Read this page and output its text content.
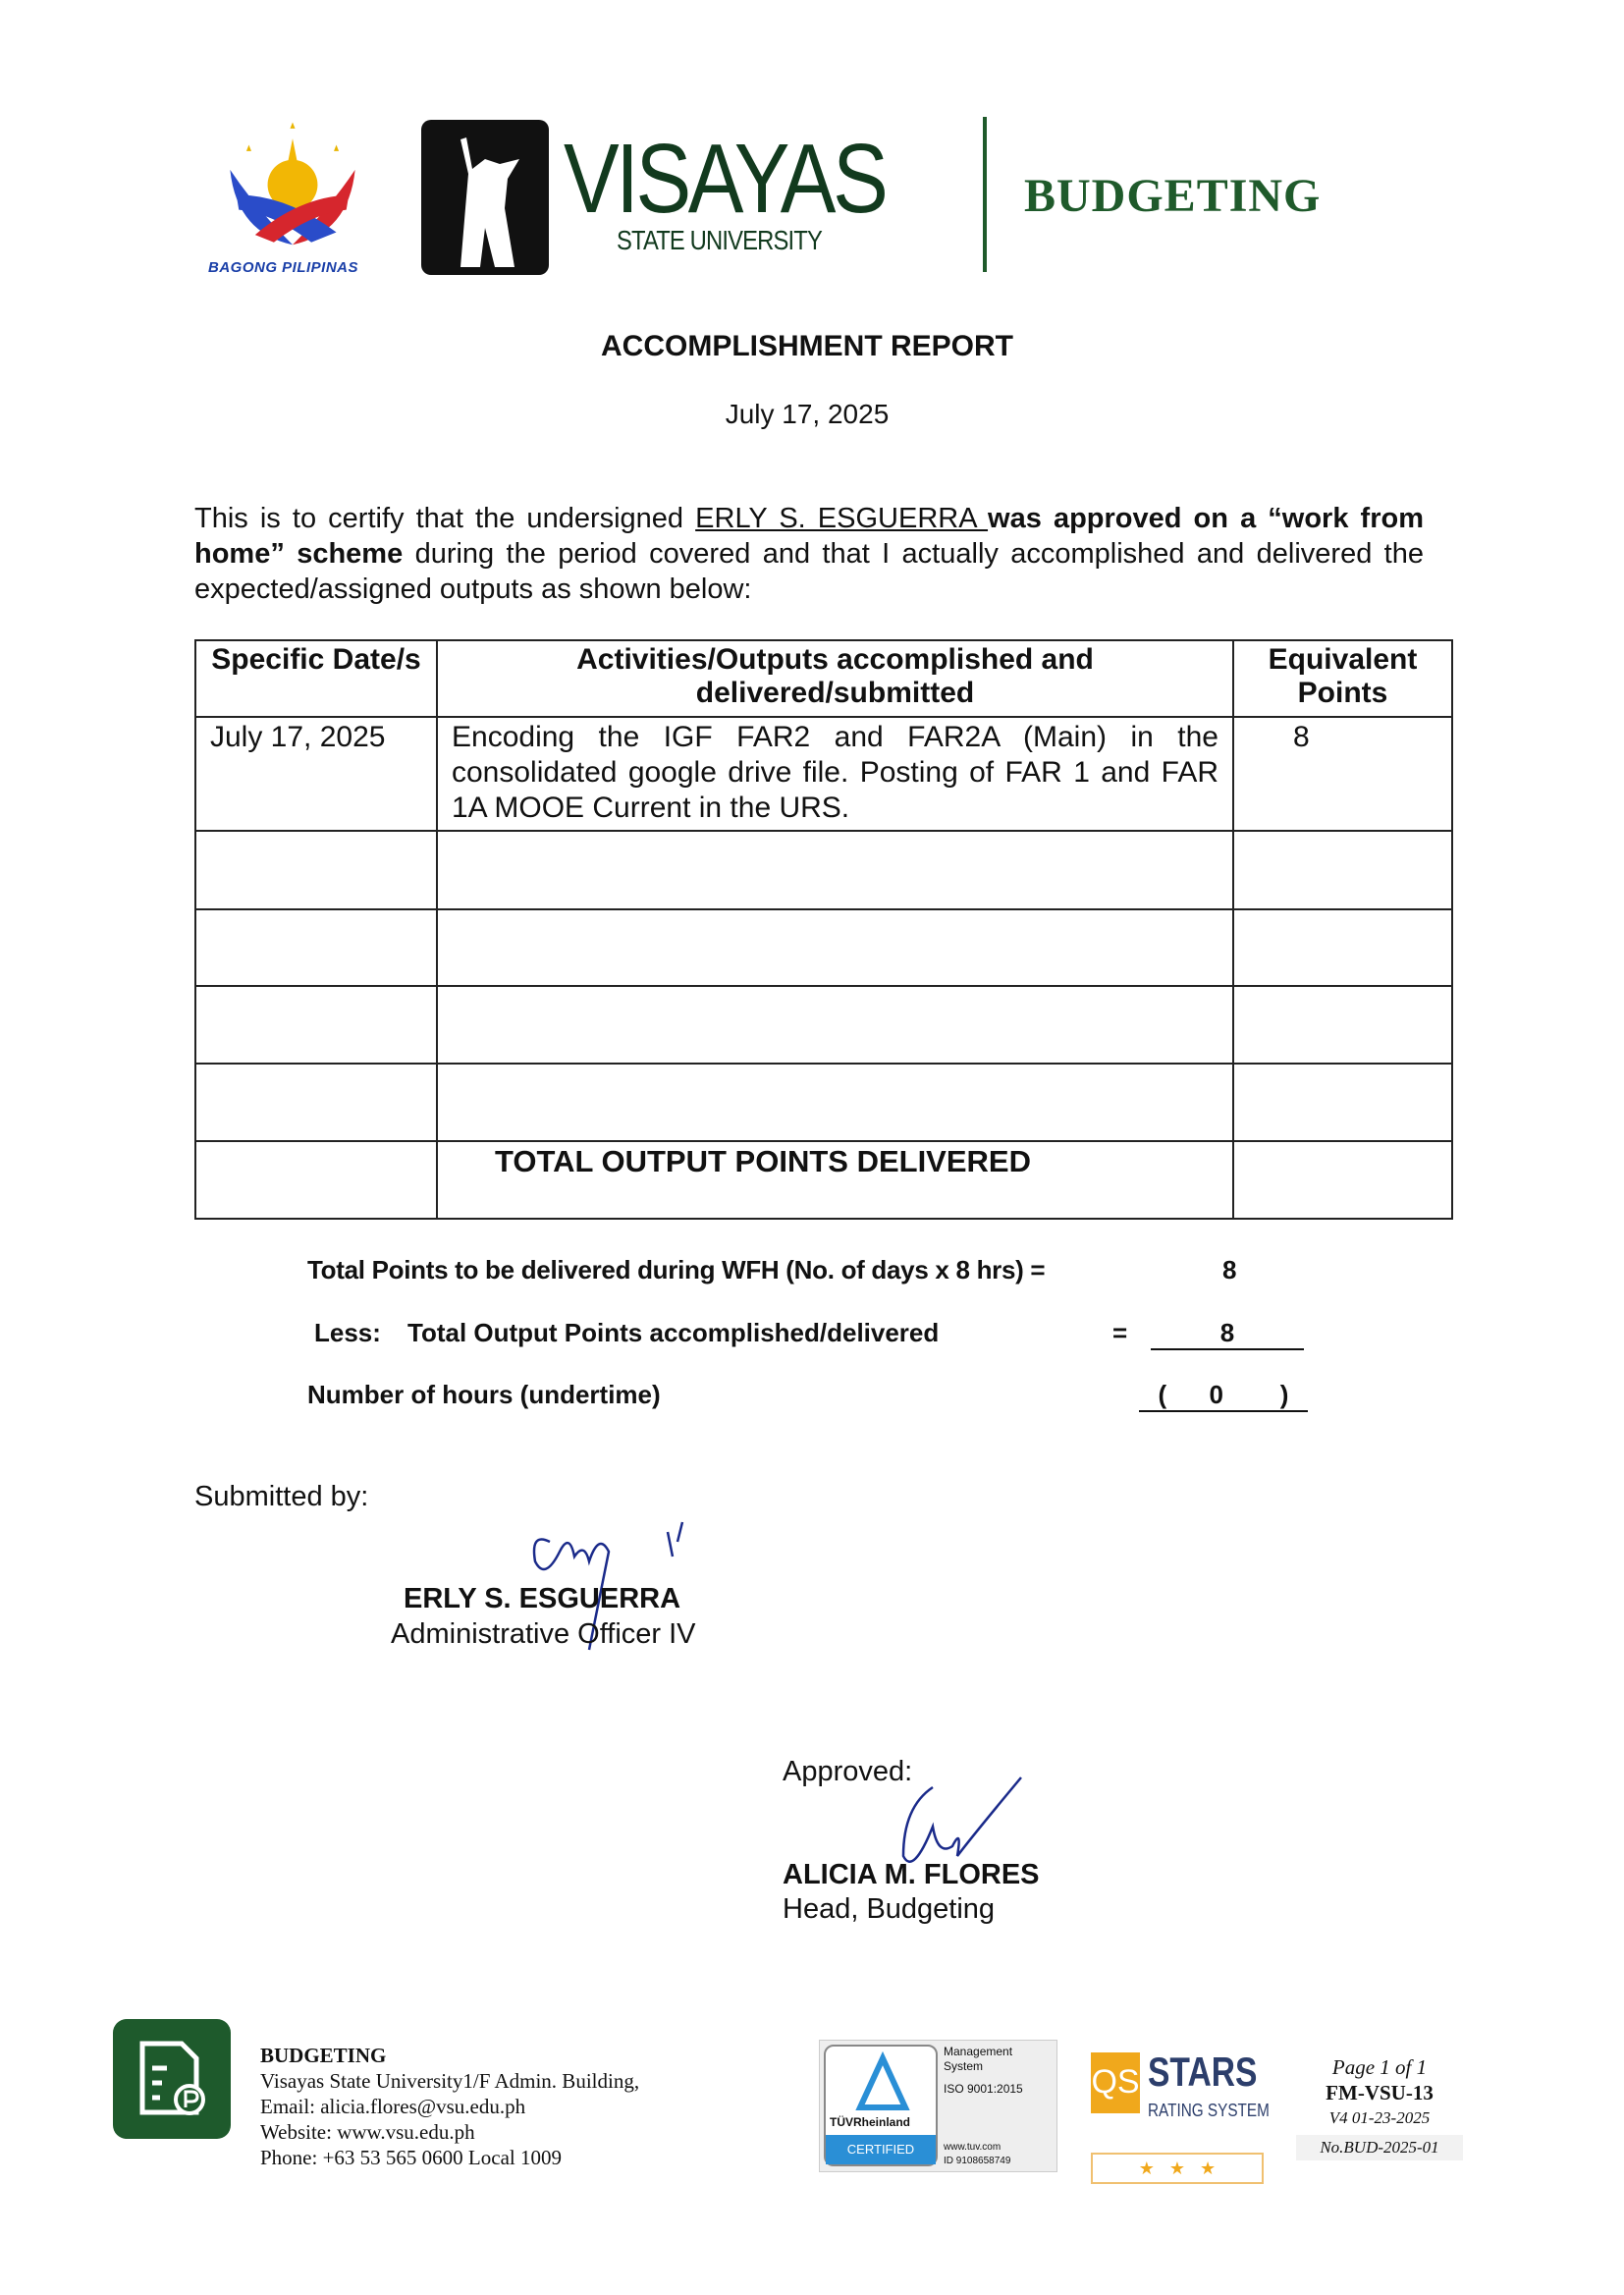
BAGONG PILIPINAS
VISAYAS
STATE UNIVERSITY
BUDGETING
ACCOMPLISHMENT REPORT
July 17, 2025
This is to certify that the undersigned ERLY S. ESGUERRA was approved on a “work from home” scheme during the period covered and that I actually accomplished and delivered the expected/assigned outputs as shown below:
Specific Date/s	Activities/Outputs accomplished and delivered/submitted	Equivalent Points
July 17, 2025	Encoding the IGF FAR2 and FAR2A (Main) in the consolidated google drive file. Posting of FAR 1 and FAR 1A MOOE Current in the URS.	8

	TOTAL OUTPUT POINTS DELIVERED	
Total Points to be delivered during WFH (No. of days x 8 hrs) =	8
Less: Total Output Points accomplished/delivered	=	8
Number of hours (undertime)	(      0        )
Submitted by:
ERLY S. ESGUERRA
Administrative Officer IV
Approved:
ALICIA M. FLORES
Head, Budgeting
BUDGETING
Visayas State University1/F Admin. Building,
Email: alicia.flores@vsu.edu.ph
Website: www.vsu.edu.ph
Phone: +63 53 565 0600 Local 1009
TÜVRheinland
CERTIFIED
Management System
ISO 9001:2015
www.tuv.com
ID 9108658749
QS STARS
RATING SYSTEM
★   ★   ★
Page 1 of 1
FM-VSU-13
V4 01-23-2025
No.BUD-2025-01
